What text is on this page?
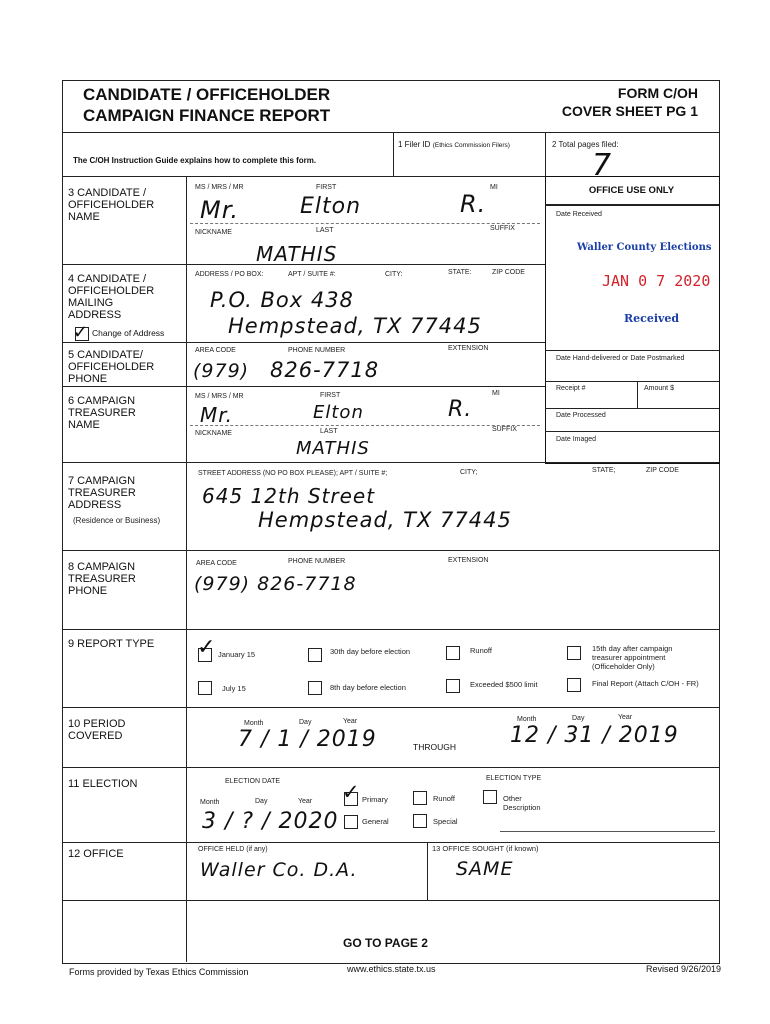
CANDIDATE / OFFICEHOLDER
CAMPAIGN FINANCE REPORT
FORM C/OH
COVER SHEET PG 1
1 Filer ID (Ethics Commission Filers)	2 Total pages filed:
7
The C/OH Instruction Guide explains how to complete this form.
OFFICE USE ONLY
Date Received
Waller County Elections
JAN 0 7 2020
Received
Date Hand-delivered or Date Postmarked
Receipt #	Amount $
Date Processed
Date Imaged
3 CANDIDATE /
OFFICEHOLDER
NAME
MS / MRS / MR	FIRST	MI
Mr.	Elton	R.
NICKNAME	LAST	SUFFIX
MATHIS
4 CANDIDATE /
OFFICEHOLDER
MAILING
ADDRESS
ADDRESS / PO BOX:	APT / SUITE #:	CITY:	STATE:	ZIP CODE
P.O. Box 438
Hempstead, TX 77445
✓ Change of Address
5 CANDIDATE/
OFFICEHOLDER
PHONE
AREA CODE	PHONE NUMBER	EXTENSION
(979) 826-7718
6 CAMPAIGN
TREASURER
NAME
MS / MRS / MR	FIRST	MI
Mr.	Elton	R.
NICKNAME	LAST	SUFFIX
MATHIS
7 CAMPAIGN
TREASURER
ADDRESS
(Residence or Business)
STREET ADDRESS (NO PO BOX PLEASE); APT / SUITE #;	CITY;	STATE;	ZIP CODE
645 12th Street
Hempstead, TX 77445
8 CAMPAIGN
TREASURER
PHONE
AREA CODE	PHONE NUMBER	EXTENSION
(979) 826-7718
9 REPORT TYPE ✓ January 15	30th day before election	Runoff	15th day after campaign
treasurer appointment
(Officeholder Only)
July 15	8th day before election	Exceeded $500 limit	Final Report (Attach C/OH - FR)
10 PERIOD
COVERED
Month	Day	Year
7 / 1 / 2019	THROUGH
Month	Day	Year
12 / 31 / 2019
11 ELECTION	ELECTION DATE	ELECTION TYPE
Month	Day	Year
3 / ? / 2020
✓ Primary	Runoff	Other
Description
General	Special
12 OFFICE	OFFICE HELD (if any)
Waller Co. D.A.
13 OFFICE SOUGHT (if known)
SAME
GO TO PAGE 2
Forms provided by Texas Ethics Commission	www.ethics.state.tx.us	Revised 9/26/2019
